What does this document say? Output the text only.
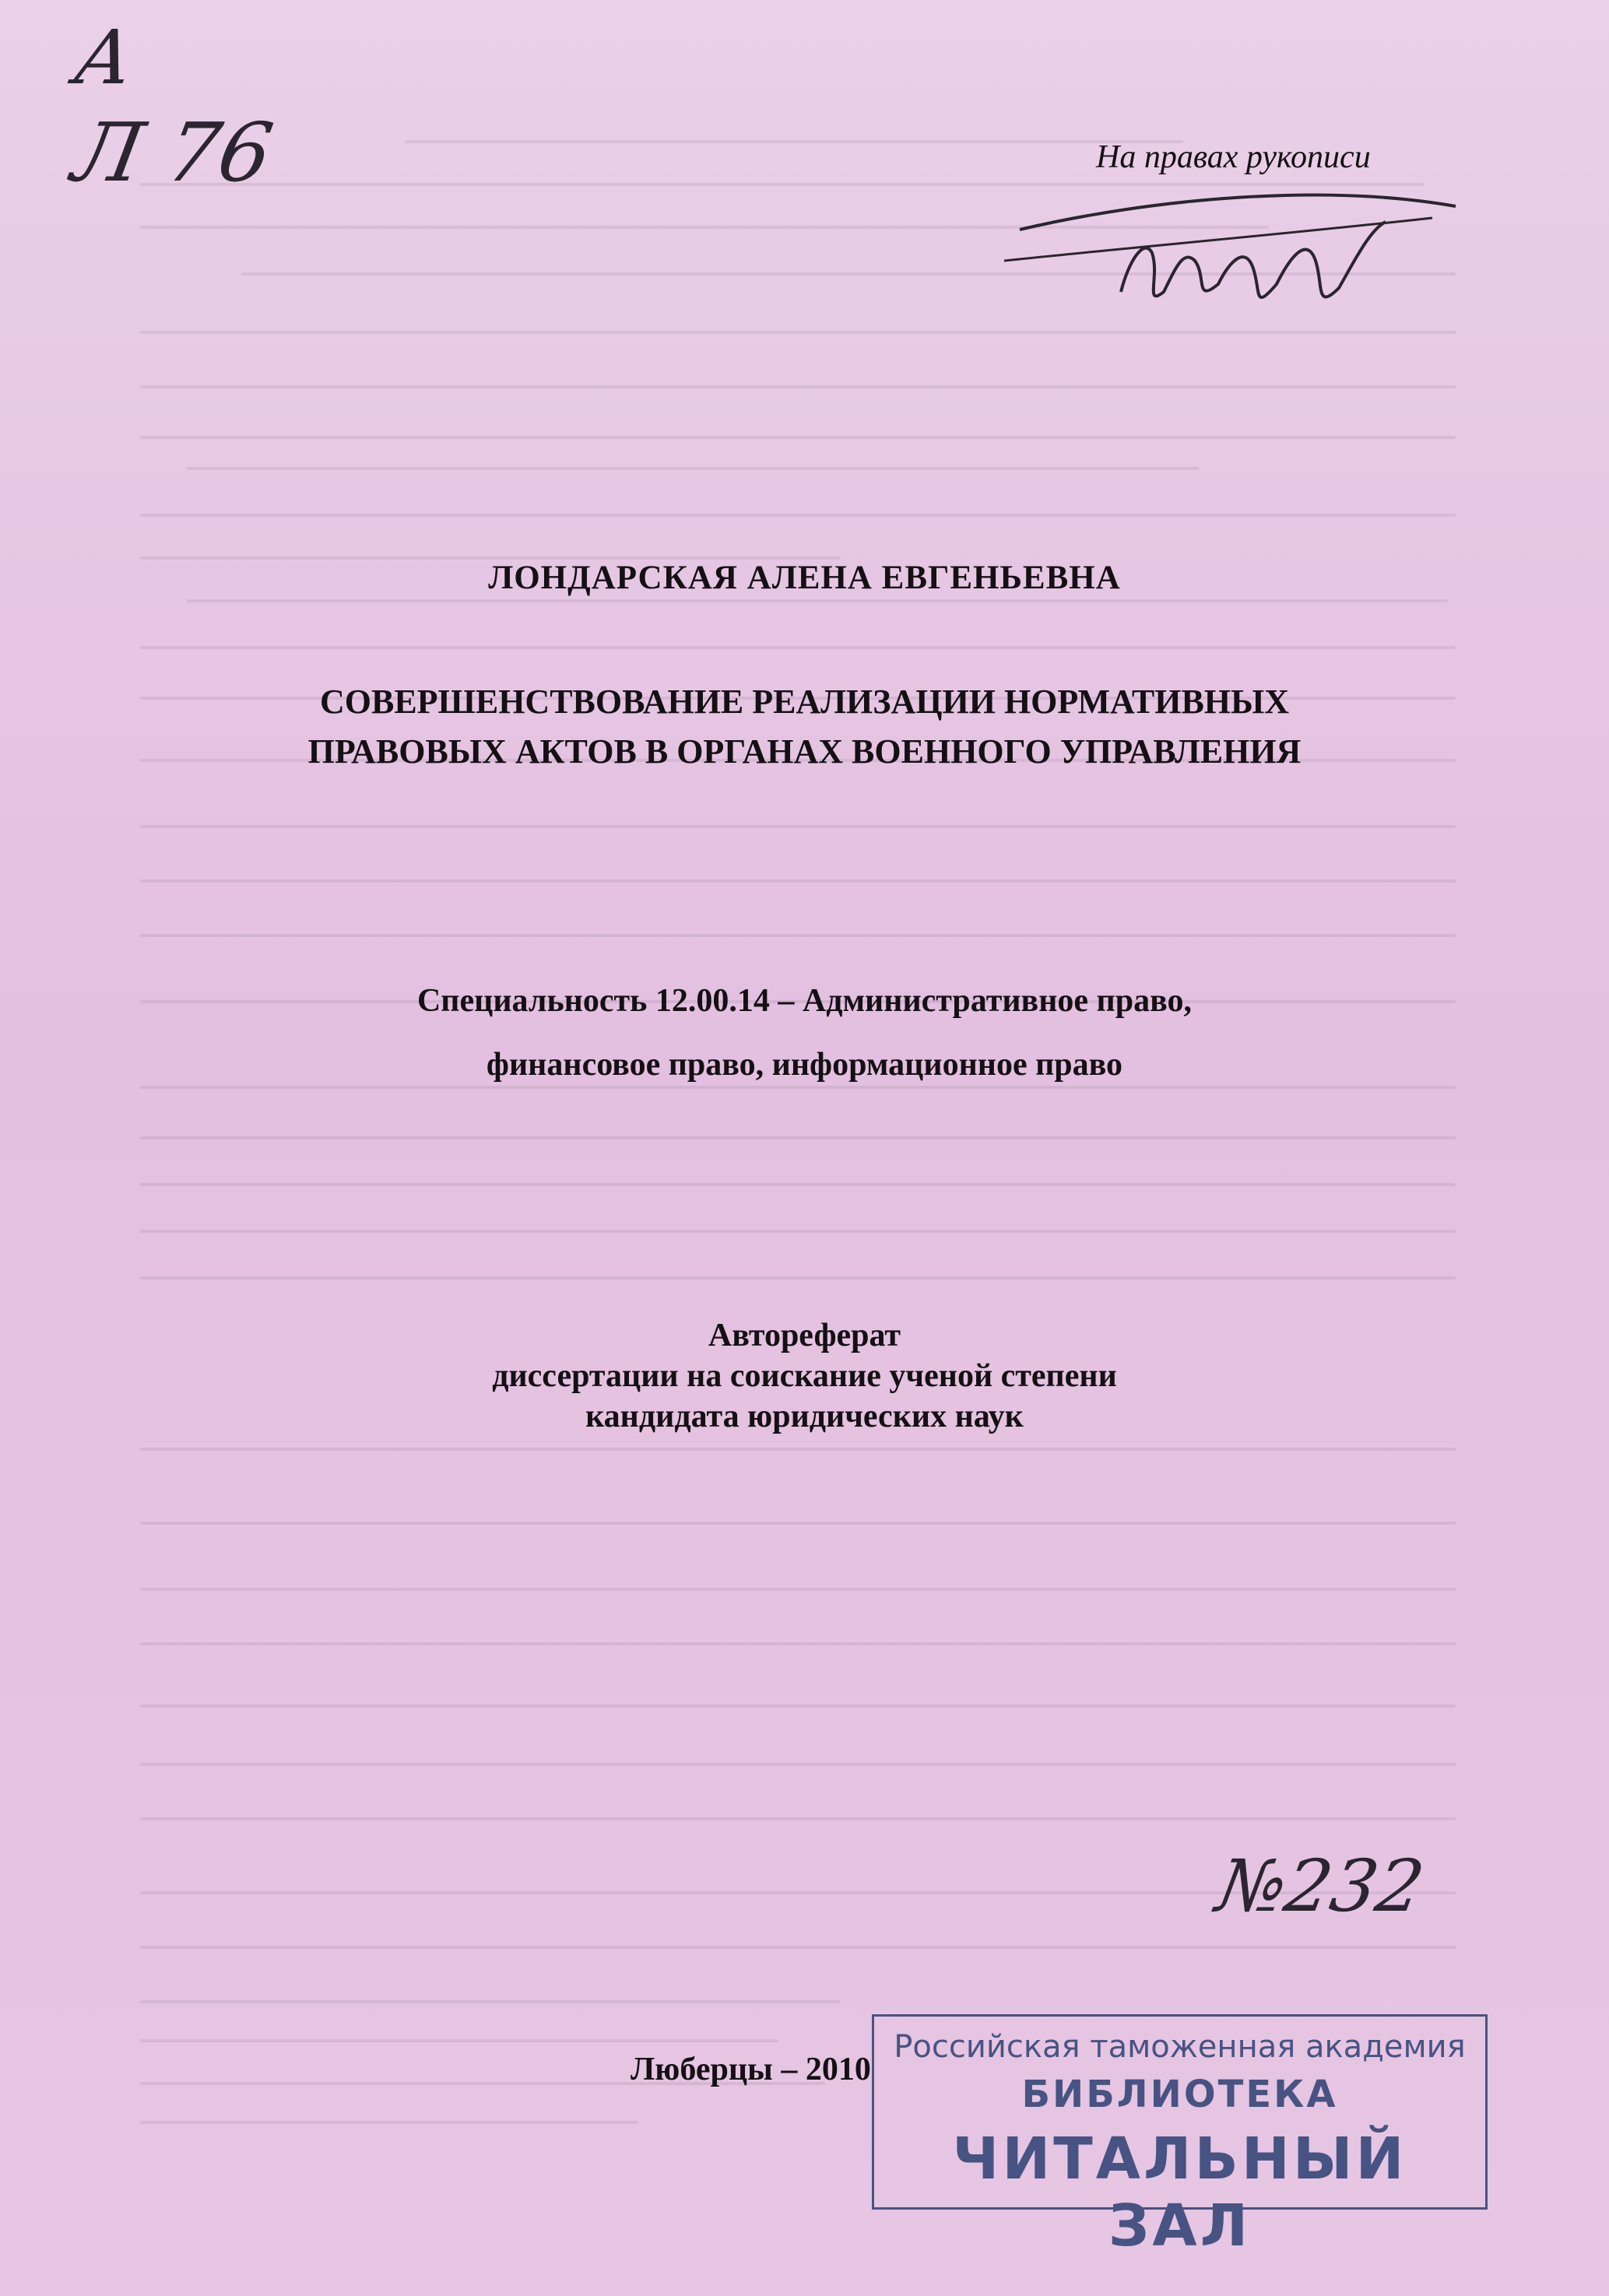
А
Л 76	На правах рукописи
ЛОНДАРСКАЯ АЛЕНА ЕВГЕНЬЕВНА
СОВЕРШЕНСТВОВАНИЕ РЕАЛИЗАЦИИ НОРМАТИВНЫХ
ПРАВОВЫХ АКТОВ В ОРГАНАХ ВОЕННОГО УПРАВЛЕНИЯ
Специальность 12.00.14 – Административное право,
финансовое право, информационное право
Автореферат
диссертации на соискание ученой степени
кандидата юридических наук
№232
Люберцы – 2010
Российская таможенная академия
БИБЛИОТЕКА
ЧИТАЛЬНЫЙ ЗАЛ
